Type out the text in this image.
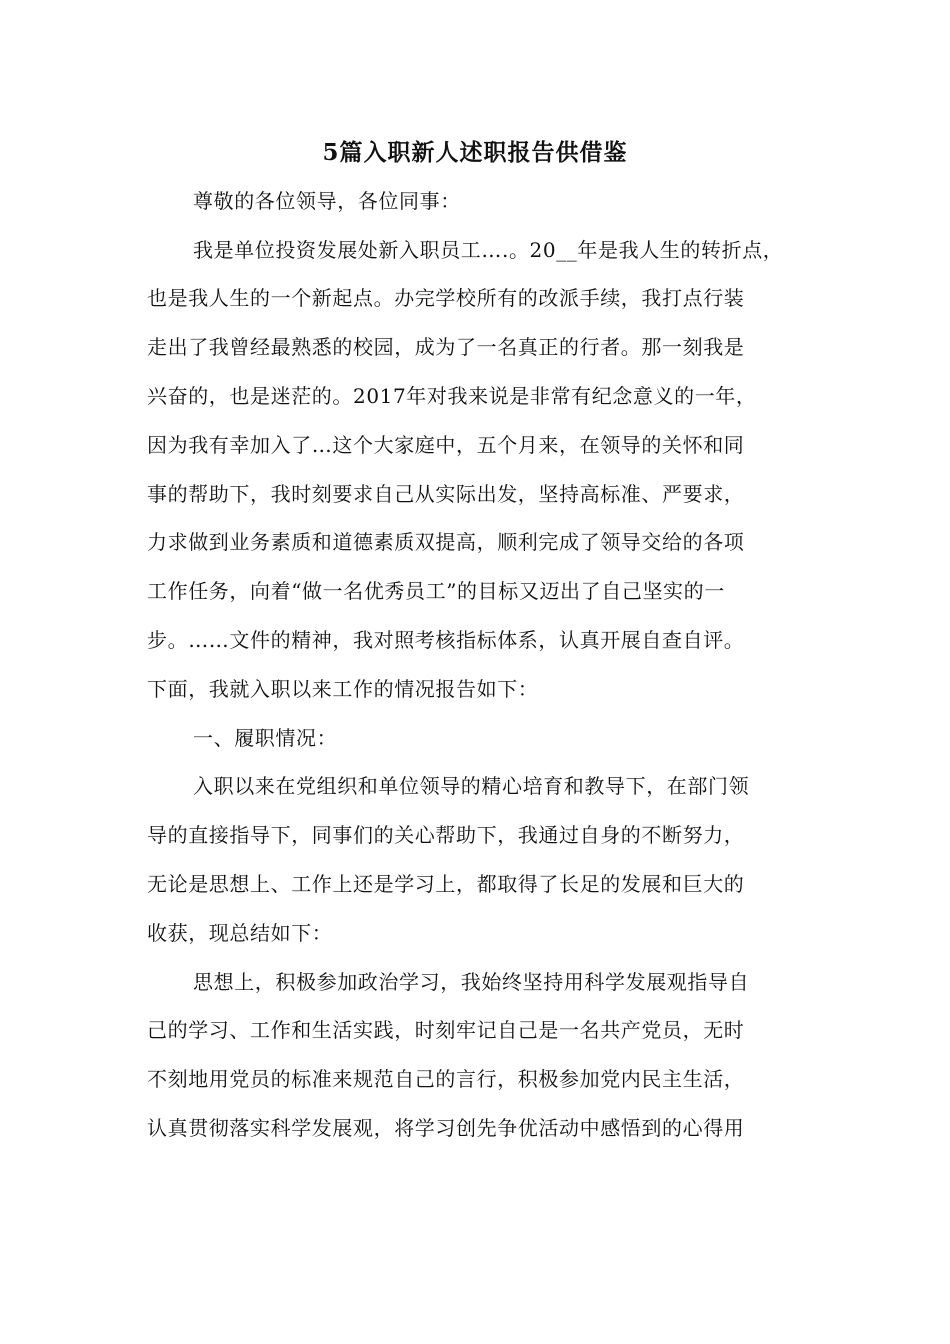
5篇入职新人述职报告供借鉴
尊敬的各位领导，各位同事：
我是单位投资发展处新入职员工….。20__年是我人生的转折点，
也是我人生的一个新起点。办完学校所有的改派手续，我打点行装
走出了我曾经最熟悉的校园，成为了一名真正的行者。那一刻我是
兴奋的，也是迷茫的。2017年对我来说是非常有纪念意义的一年，
因为我有幸加入了…这个大家庭中，五个月来，在领导的关怀和同
事的帮助下，我时刻要求自己从实际出发，坚持高标准、严要求，
力求做到业务素质和道德素质双提高，顺利完成了领导交给的各项
工作任务，向着“做一名优秀员工”的目标又迈出了自己坚实的一
步。……文件的精神，我对照考核指标体系，认真开展自查自评。
下面，我就入职以来工作的情况报告如下：
一、履职情况：
入职以来在党组织和单位领导的精心培育和教导下，在部门领
导的直接指导下，同事们的关心帮助下，我通过自身的不断努力，
无论是思想上、工作上还是学习上，都取得了长足的发展和巨大的
收获，现总结如下：
思想上，积极参加政治学习，我始终坚持用科学发展观指导自
己的学习、工作和生活实践，时刻牢记自己是一名共产党员，无时
不刻地用党员的标准来规范自己的言行，积极参加党内民主生活，
认真贯彻落实科学发展观，将学习创先争优活动中感悟到的心得用
